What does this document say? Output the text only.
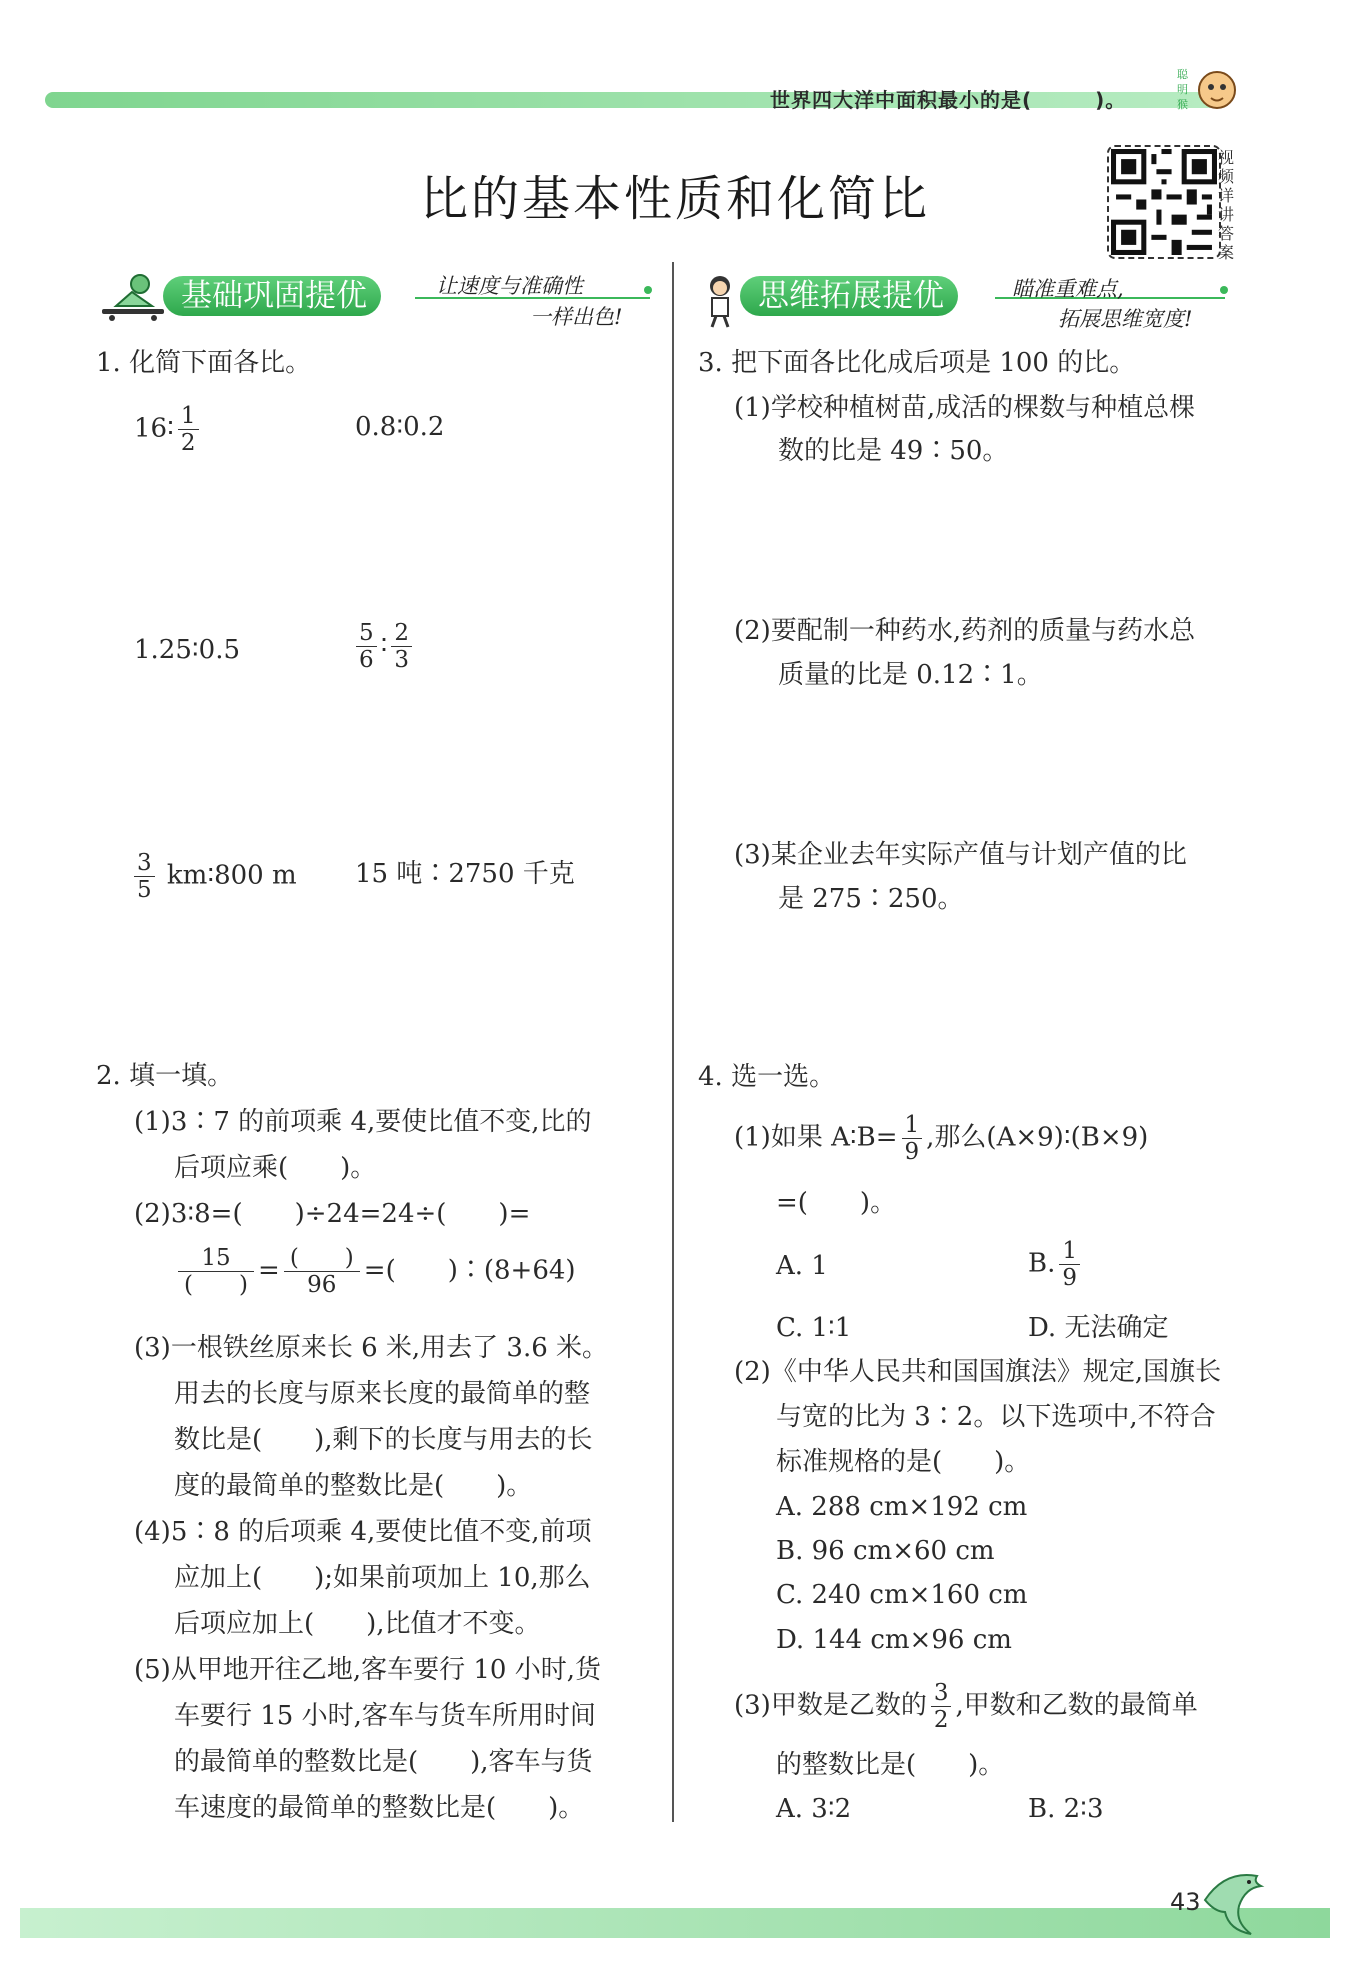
世界四大洋中面积最小的是(　　　)。
聪
明
猴
比的基本性质和化简比
视频详讲答案
基础巩固提优	让速度与准确性
一样出色!
思维拓展提优	瞄准重难点,
拓展思维宽度!
1. 化简下面各比。
16∶ $\frac{1}{2}$	0.8∶0.2
1.25∶0.5	$\frac{5}{6}$ ∶ $\frac{2}{3}$
$\frac{3}{5}$ km∶800 m 15 吨∶2750 千克
2. 填一填。
(1)3∶7 的前项乘 4,要使比值不变,比的
后项应乘(　　)。
(2)3∶8=(　　)÷24=24÷(　　)=
$\frac{15}{( )} = \frac{( )}{96}$ =(　　)∶(8+64)
(3)一根铁丝原来长 6 米,用去了 3.6 米。
用去的长度与原来长度的最简单的整
数比是(　　),剩下的长度与用去的长
度的最简单的整数比是(　　)。
(4)5∶8 的后项乘 4,要使比值不变,前项
应加上(　　);如果前项加上 10,那么
后项应加上(　　),比值才不变。
(5)从甲地开往乙地,客车要行 10 小时,货
车要行 15 小时,客车与货车所用时间
的最简单的整数比是(　　),客车与货
车速度的最简单的整数比是(　　)。
3. 把下面各比化成后项是 100 的比。
(1)学校种植树苗,成活的棵数与种植总棵
数的比是 49∶50。
(2)要配制一种药水,药剂的质量与药水总
质量的比是 0.12∶1。
(3)某企业去年实际产值与计划产值的比
是 275∶250。
4. 选一选。
(1)如果 A∶B= $\frac{1}{9}$ ,那么(A×9)∶(B×9)
=(　　)。
A. 1	B. $\frac{1}{9}$
C. 1∶1	D. 无法确定
(2)《中华人民共和国国旗法》规定,国旗长
与宽的比为 3∶2。以下选项中,不符合
标准规格的是(　　)。
A. 288 cm×192 cm
B. 96 cm×60 cm
C. 240 cm×160 cm
D. 144 cm×96 cm
(3)甲数是乙数的 $\frac{3}{2}$ ,甲数和乙数的最简单
的整数比是(　　)。
A. 3∶2	B. 2∶3
43
